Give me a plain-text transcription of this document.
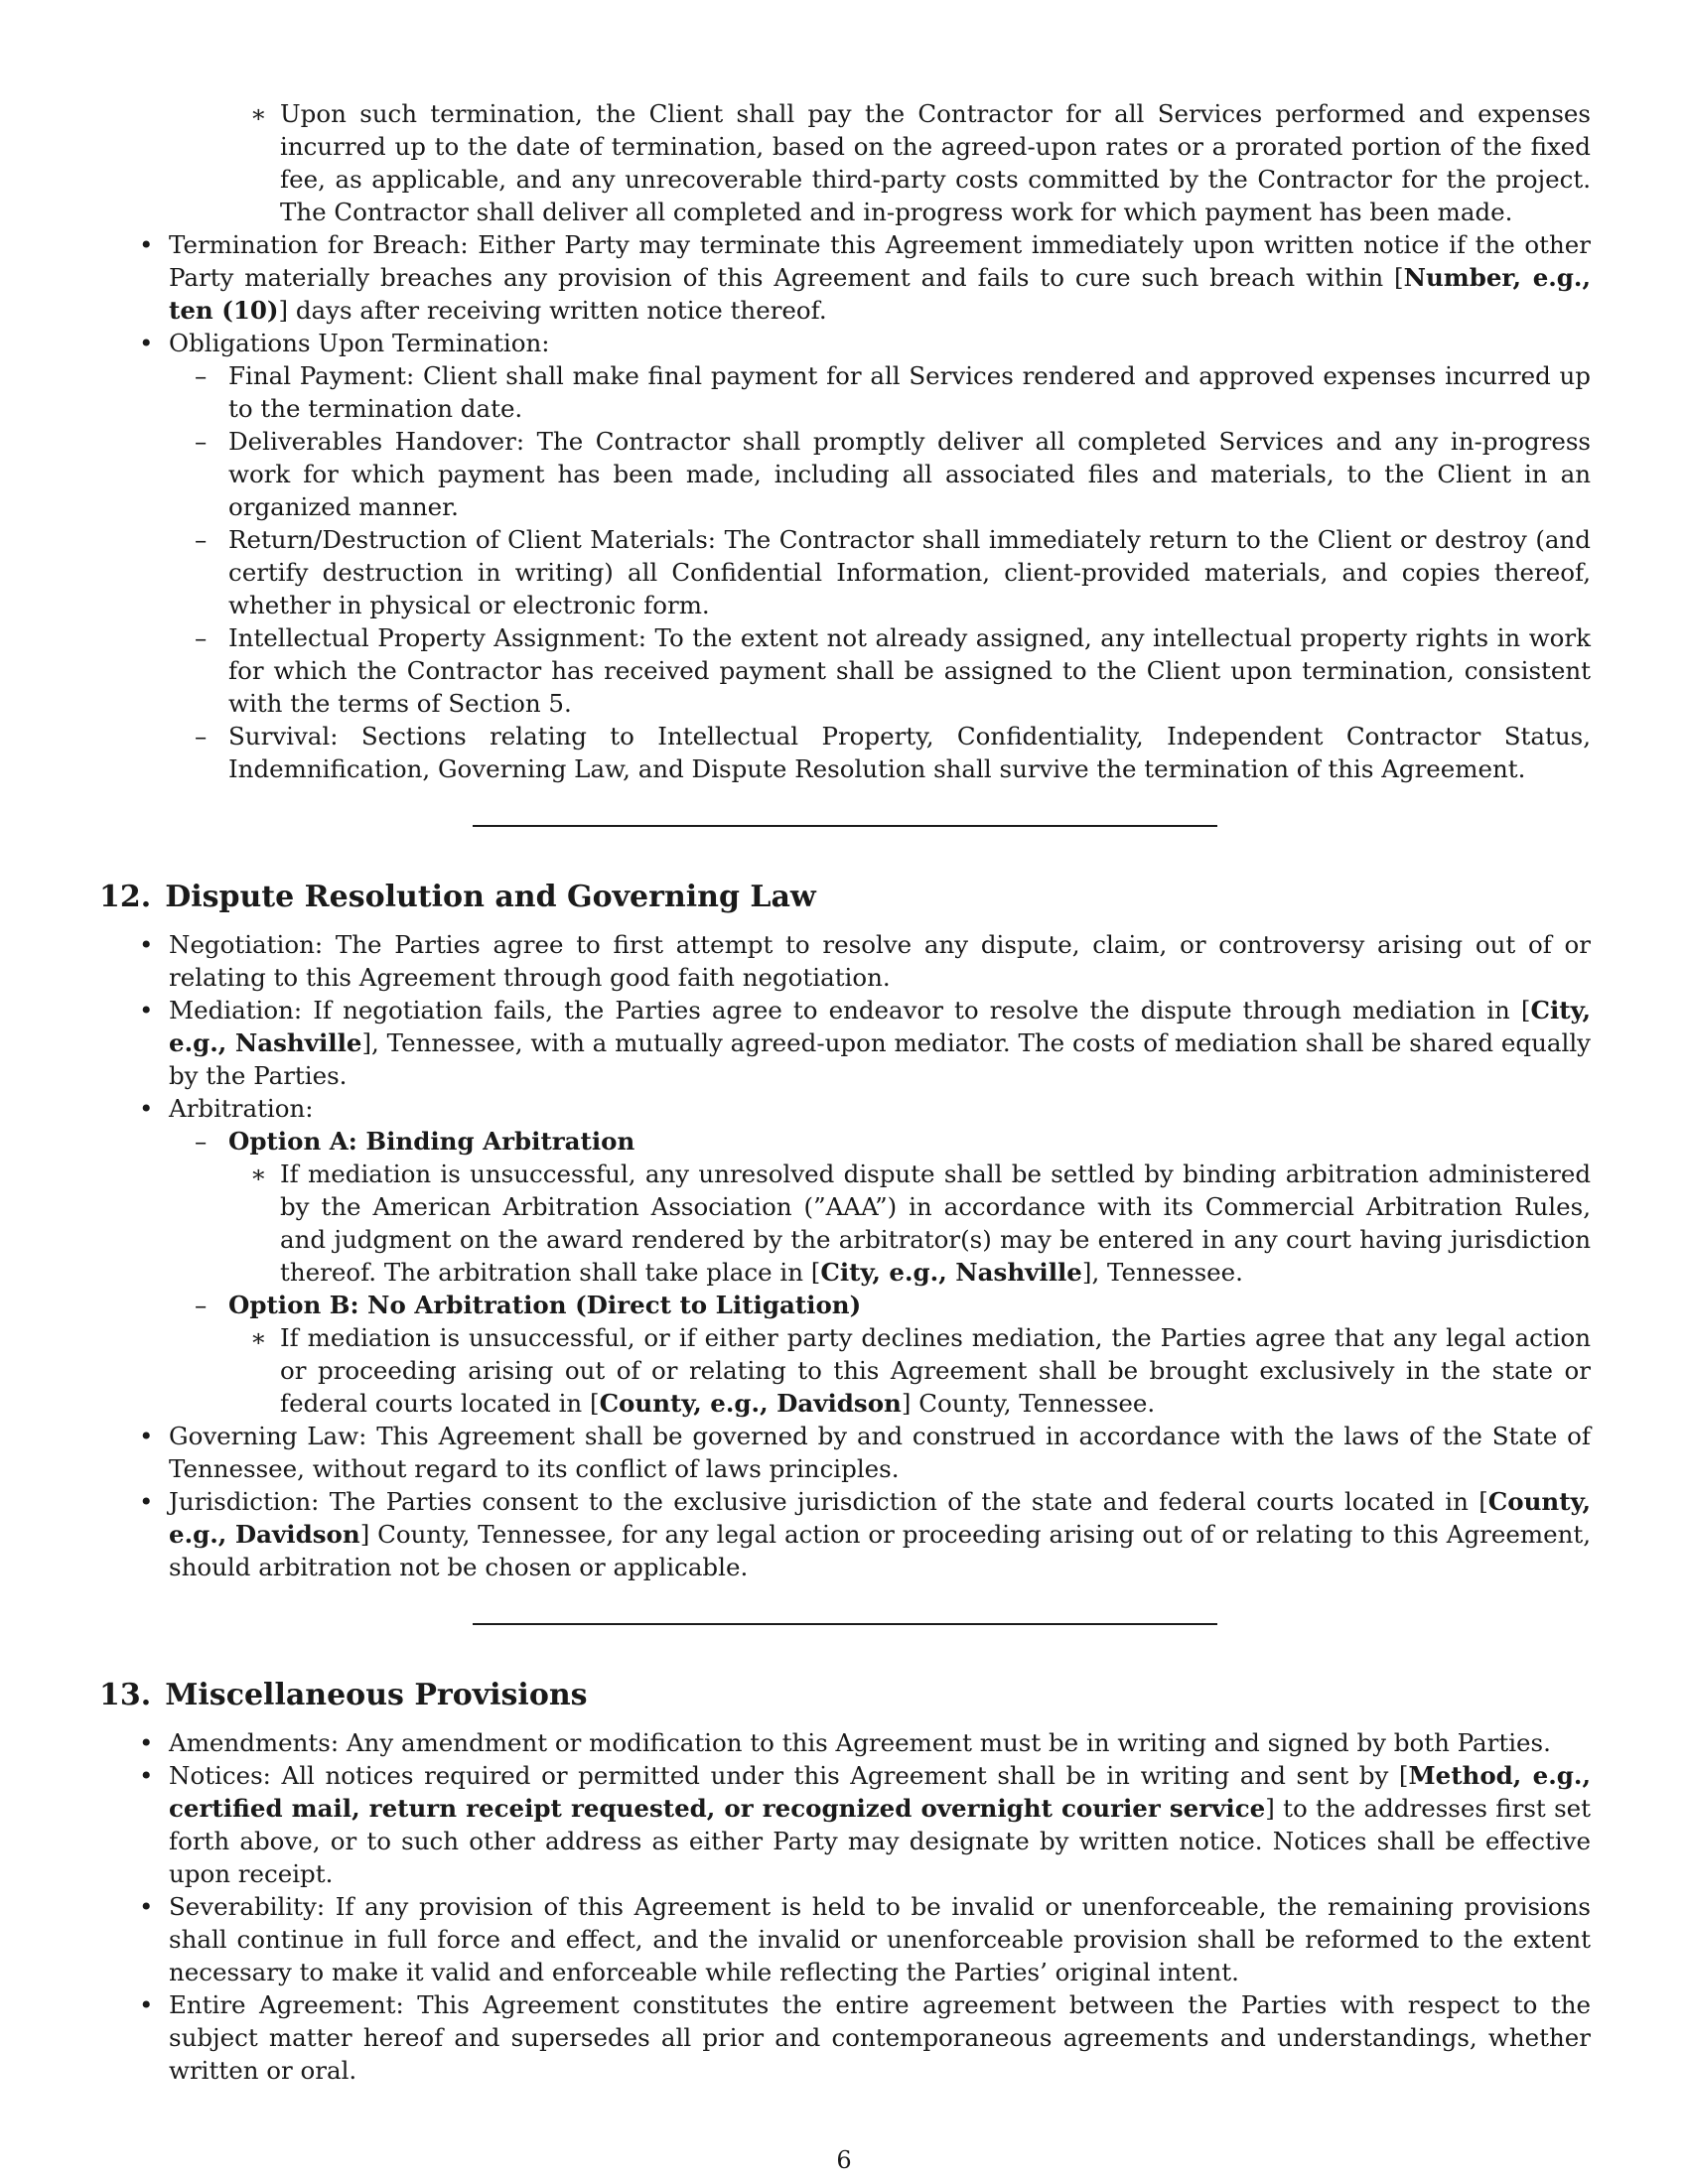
∗ Upon such termination, the Client shall pay the Contractor for all Services performed and expenses incurred up to the date of termination, based on the agreed-upon rates or a prorated portion of the fixed fee, as applicable, and any unrecoverable third-party costs committed by the Contractor for the project. The Contractor shall deliver all completed and in-progress work for which payment has been made.
• Termination for Breach: Either Party may terminate this Agreement immediately upon written notice if the other Party materially breaches any provision of this Agreement and fails to cure such breach within [Number, e.g., ten (10)] days after receiving written notice thereof.
• Obligations Upon Termination:
– Final Payment: Client shall make final payment for all Services rendered and approved expenses incurred up to the termination date.
– Deliverables Handover: The Contractor shall promptly deliver all completed Services and any in-progress work for which payment has been made, including all associated files and materials, to the Client in an organized manner.
– Return/Destruction of Client Materials: The Contractor shall immediately return to the Client or destroy (and certify destruction in writing) all Confidential Information, client-provided materials, and copies thereof, whether in physical or electronic form.
– Intellectual Property Assignment: To the extent not already assigned, any intellectual property rights in work for which the Contractor has received payment shall be assigned to the Client upon termination, consistent with the terms of Section 5.
– Survival: Sections relating to Intellectual Property, Confidentiality, Independent Contractor Status, Indemnification, Governing Law, and Dispute Resolution shall survive the termination of this Agreement.
12. Dispute Resolution and Governing Law
• Negotiation: The Parties agree to first attempt to resolve any dispute, claim, or controversy arising out of or relating to this Agreement through good faith negotiation.
• Mediation: If negotiation fails, the Parties agree to endeavor to resolve the dispute through mediation in [City, e.g., Nashville], Tennessee, with a mutually agreed-upon mediator. The costs of mediation shall be shared equally by the Parties.
• Arbitration:
– Option A: Binding Arbitration
∗ If mediation is unsuccessful, any unresolved dispute shall be settled by binding arbitration administered by the American Arbitration Association (”AAA”) in accordance with its Commercial Arbitration Rules, and judgment on the award rendered by the arbitrator(s) may be entered in any court having jurisdiction thereof. The arbitration shall take place in [City, e.g., Nashville], Tennessee.
– Option B: No Arbitration (Direct to Litigation)
∗ If mediation is unsuccessful, or if either party declines mediation, the Parties agree that any legal action or proceeding arising out of or relating to this Agreement shall be brought exclusively in the state or federal courts located in [County, e.g., Davidson] County, Tennessee.
• Governing Law: This Agreement shall be governed by and construed in accordance with the laws of the State of Tennessee, without regard to its conflict of laws principles.
• Jurisdiction: The Parties consent to the exclusive jurisdiction of the state and federal courts located in [County, e.g., Davidson] County, Tennessee, for any legal action or proceeding arising out of or relating to this Agreement, should arbitration not be chosen or applicable.
13. Miscellaneous Provisions
• Amendments: Any amendment or modification to this Agreement must be in writing and signed by both Parties.
• Notices: All notices required or permitted under this Agreement shall be in writing and sent by [Method, e.g., certified mail, return receipt requested, or recognized overnight courier service] to the addresses first set forth above, or to such other address as either Party may designate by written notice. Notices shall be effective upon receipt.
• Severability: If any provision of this Agreement is held to be invalid or unenforceable, the remaining provisions shall continue in full force and effect, and the invalid or unenforceable provision shall be reformed to the extent necessary to make it valid and enforceable while reflecting the Parties’ original intent.
• Entire Agreement: This Agreement constitutes the entire agreement between the Parties with respect to the subject matter hereof and supersedes all prior and contemporaneous agreements and understandings, whether written or oral.
6
